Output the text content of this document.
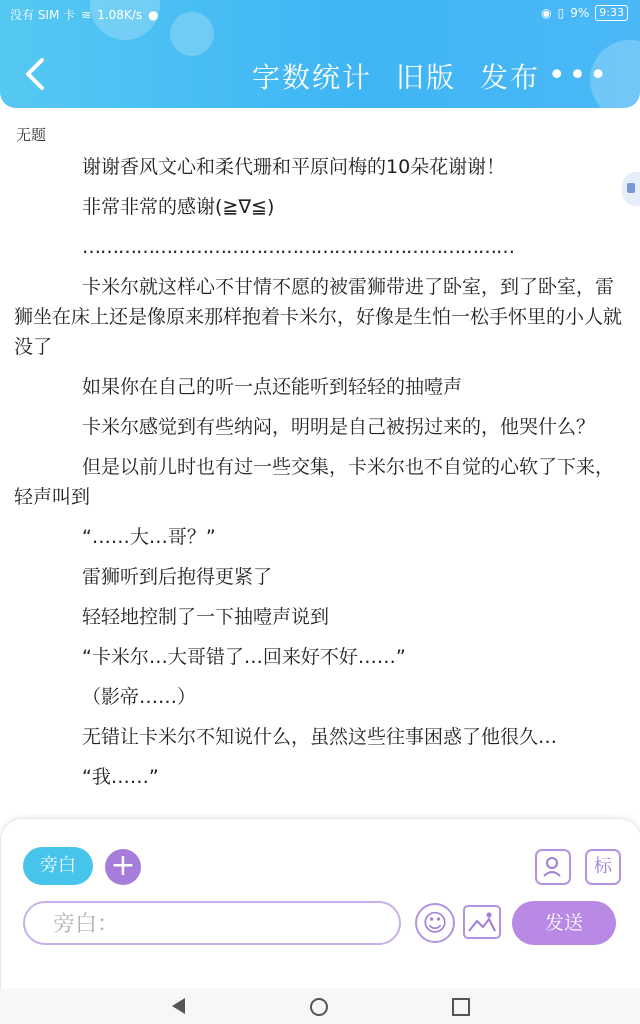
没有 SIM 卡 ≋ 1.08K/s ●	◉ ▯ 9% 9:33
字数统计 旧版 发布 •••
无题

谢谢香风文心和柔代珊和平原问梅的10朵花谢谢！

非常非常的感谢(≧∇≦)

………………………………………………………………

卡米尔就这样心不甘情不愿的被雷狮带进了卧室，到了卧室，雷狮坐在床上还是像原来那样抱着卡米尔，好像是生怕一松手怀里的小人就没了

如果你在自己的听一点还能听到轻轻的抽噎声

卡米尔感觉到有些纳闷，明明是自己被拐过来的，他哭什么？

但是以前儿时也有过一些交集，卡米尔也不自觉的心软了下来，轻声叫到

“……大…哥？”

雷狮听到后抱得更紧了

轻轻地控制了一下抽噎声说到

“卡米尔…大哥错了…回来好不好……”

（影帝……）

无错让卡米尔不知说什么，虽然这些往事困惑了他很久…

“我……”

旁白	+	标
旁白：
☺	发送
